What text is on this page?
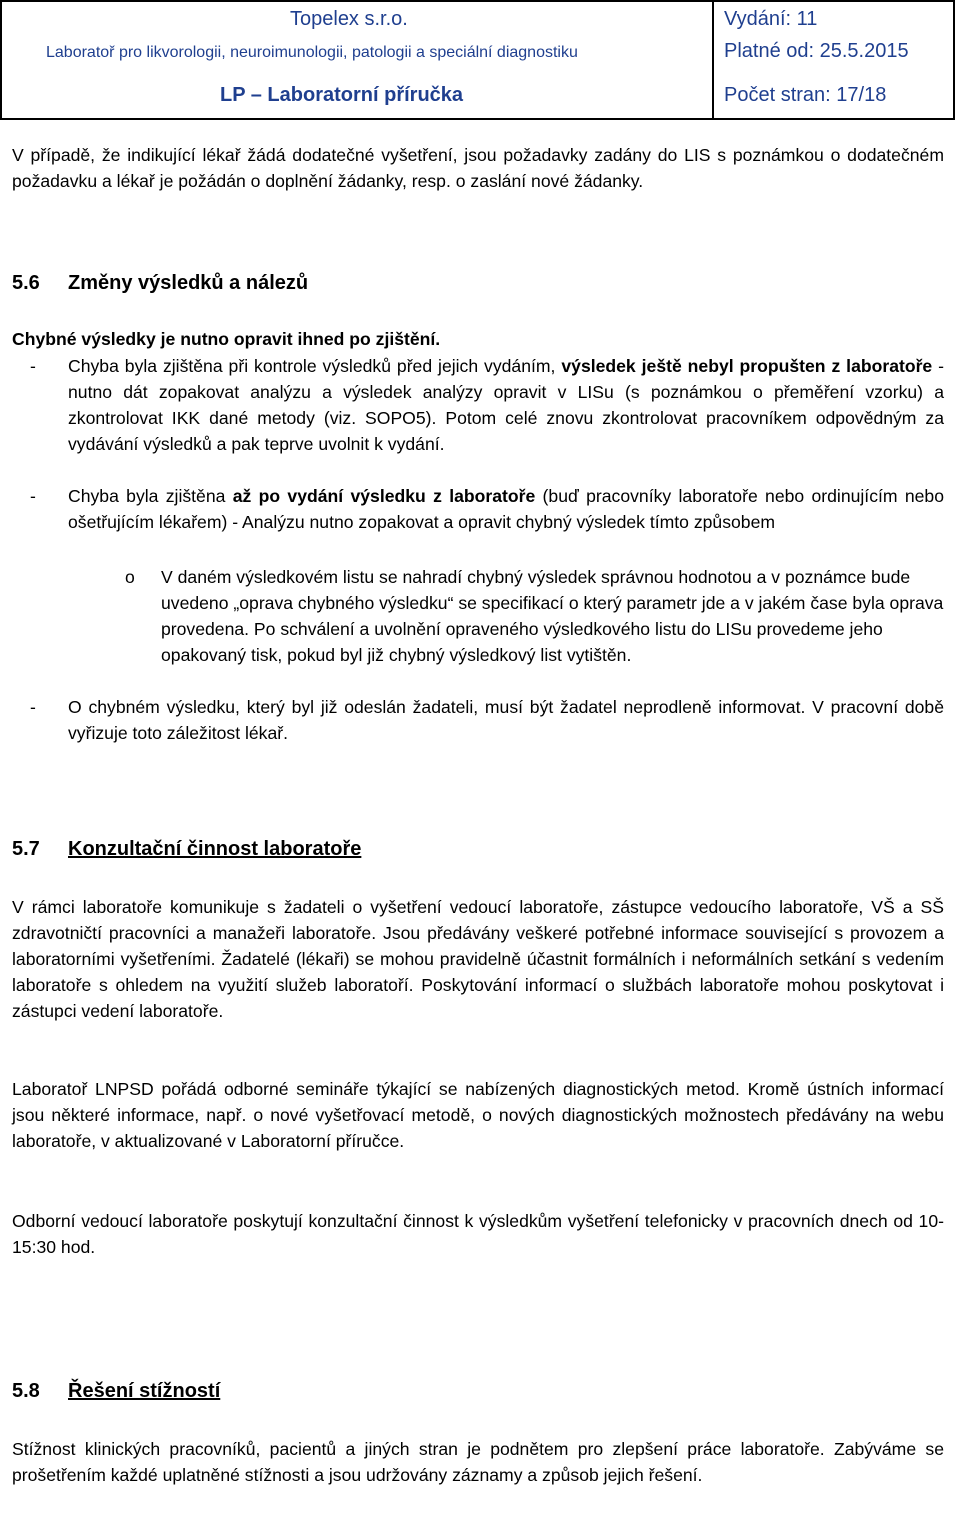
Topelex s.r.o.
Laboratoř pro likvorologii, neuroimunologii, patologii a speciální diagnostiku
LP – Laboratorní příručka
Vydání: 11
Platné od: 25.5.2015
Počet stran: 17/18

V případě, že indikující lékař žádá dodatečné vyšetření, jsou požadavky zadány do LIS s poznámkou o dodatečném požadavku a lékař je požádán o doplnění žádanky, resp. o zaslání nové žádanky.

5.6 Změny výsledků a nálezů
Chybné výsledky je nutno opravit ihned po zjištění.
- Chyba byla zjištěna při kontrole výsledků před jejich vydáním, výsledek ještě nebyl propušten z laboratoře - nutno dát zopakovat analýzu a výsledek analýzy opravit v LISu (s poznámkou o přeměření vzorku) a zkontrolovat IKK dané metody (viz. SOPO5). Potom celé znovu zkontrolovat pracovníkem odpovědným za vydávání výsledků a pak teprve uvolnit k vydání.

- Chyba byla zjištěna až po vydání výsledku z laboratoře (buď pracovníky laboratoře nebo ordinujícím nebo ošetřujícím lékařem) - Analýzu nutno zopakovat a opravit chybný výsledek tímto způsobem

o V daném výsledkovém listu se nahradí chybný výsledek správnou hodnotou a v poznámce bude uvedeno „oprava chybného výsledku“ se specifikací o který parametr jde a v jakém čase byla oprava provedena. Po schválení a uvolnění opraveného výsledkového listu do LISu provedeme jeho opakovaný tisk, pokud byl již chybný výsledkový list vytištěn.

- O chybném výsledku, který byl již odeslán žadateli, musí být žadatel neprodleně informovat. V pracovní době vyřizuje toto záležitost lékař.

5.7 Konzultační činnost laboratoře

V rámci laboratoře komunikuje s žadateli o vyšetření vedoucí laboratoře, zástupce vedoucího laboratoře, VŠ a SŠ zdravotničtí pracovníci a manažeři laboratoře. Jsou předávány veškeré potřebné informace související s provozem a laboratorními vyšetřeními. Žadatelé (lékaři) se mohou pravidelně účastnit formálních i neformálních setkání s vedením laboratoře s ohledem na využití služeb laboratoří. Poskytování informací o službách laboratoře mohou poskytovat i zástupci vedení laboratoře.

Laboratoř LNPSD pořádá odborné semináře týkající se nabízených diagnostických metod. Kromě ústních informací jsou některé informace, např. o nové vyšetřovací metodě, o nových diagnostických možnostech předávány na webu laboratoře, v aktualizované v Laboratorní příručce.

Odborní vedoucí laboratoře poskytují konzultační činnost k výsledkům vyšetření telefonicky v pracovních dnech od 10-15:30 hod.

5.8 Řešení stížností

Stížnost klinických pracovníků, pacientů a jiných stran je podnětem pro zlepšení práce laboratoře. Zabýváme se prošetřením každé uplatněné stížnosti a jsou udržovány záznamy a způsob jejich řešení.
